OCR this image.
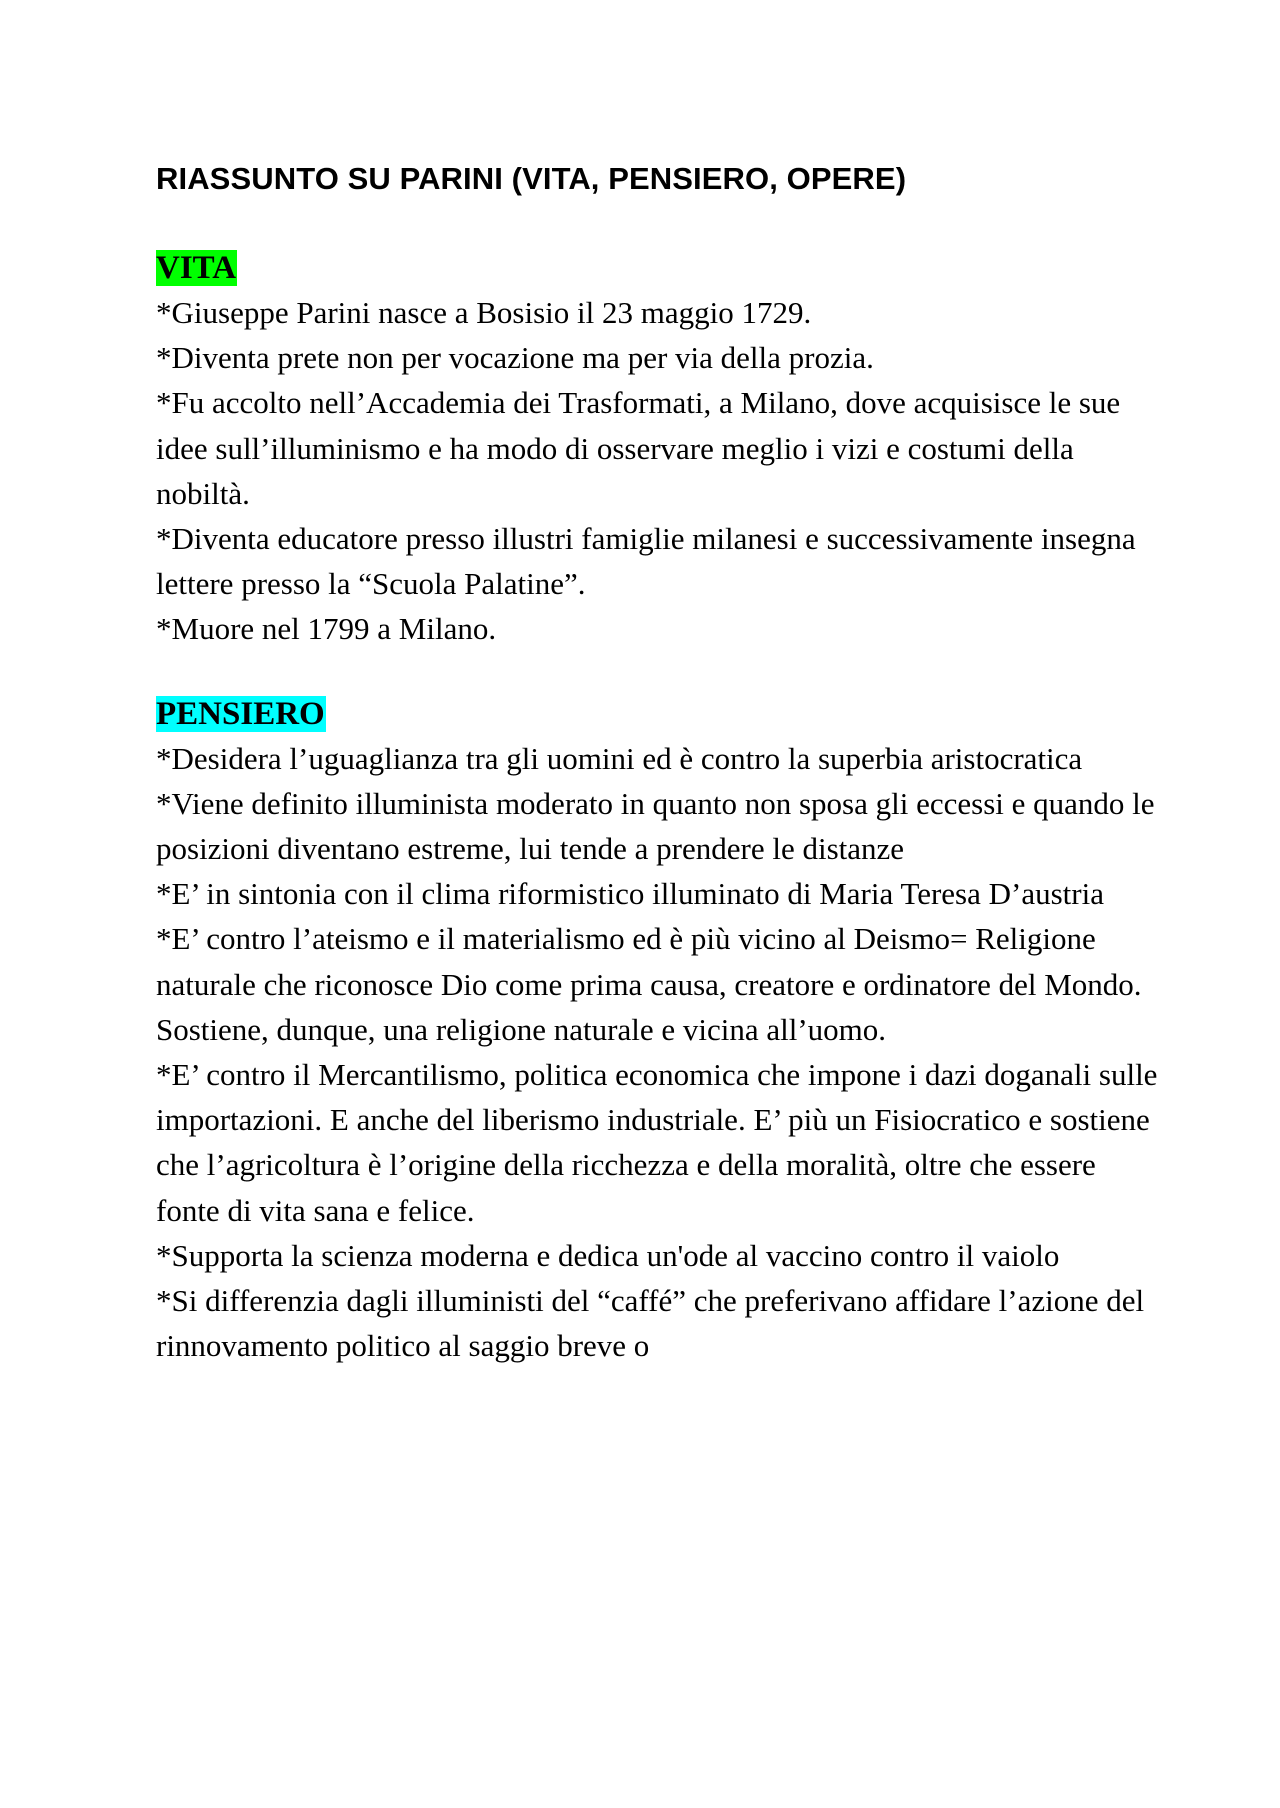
RIASSUNTO SU PARINI (VITA, PENSIERO, OPERE)
VITA

*Giuseppe Parini nasce a Bosisio il 23 maggio 1729.

*Diventa prete non per vocazione ma per via della prozia.

*Fu accolto nell’Accademia dei Trasformati, a Milano, dove acquisisce le sue idee sull’illuminismo e ha modo di osservare meglio i vizi e costumi della nobiltà.

*Diventa educatore presso illustri famiglie milanesi e successivamente insegna lettere presso la “Scuola Palatine”.

*Muore nel 1799 a Milano.

PENSIERO

*Desidera l’uguaglianza tra gli uomini ed è contro la superbia aristocratica

*Viene definito illuminista moderato in quanto non sposa gli eccessi e quando le posizioni diventano estreme, lui tende a prendere le distanze

*E’ in sintonia con il clima riformistico illuminato di Maria Teresa D’austria

*E’ contro l’ateismo e il materialismo ed è più vicino al Deismo= Religione naturale che riconosce Dio come prima causa, creatore e ordinatore del Mondo. Sostiene, dunque, una religione naturale e vicina all’uomo.

*E’ contro il Mercantilismo, politica economica che impone i dazi doganali sulle importazioni. E anche del liberismo industriale. E’ più un Fisiocratico e sostiene che l’agricoltura è l’origine della ricchezza e della moralità, oltre che essere fonte di vita sana e felice.

*Supporta la scienza moderna e dedica un'ode al vaccino contro il vaiolo

*Si differenzia dagli illuministi del “caffé” che preferivano affidare l’azione del rinnovamento politico al saggio breve o
